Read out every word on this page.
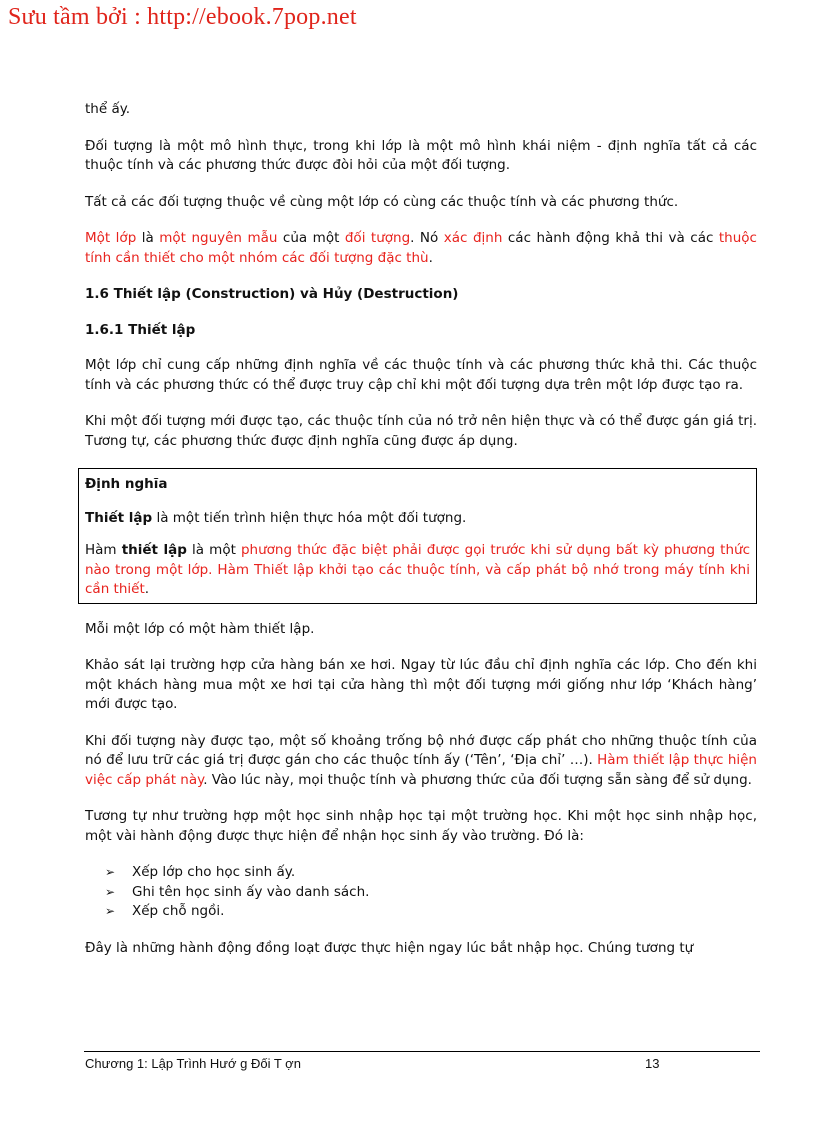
Sưu tầm bởi : http://ebook.7pop.net

thể ấy.

Đối tượng là một mô hình thực, trong khi lớp là một mô hình khái niệm - định nghĩa tất cả các thuộc tính và các phương thức được đòi hỏi của một đối tượng.

Tất cả các đối tượng thuộc về cùng một lớp có cùng các thuộc tính và các phương thức.

Một lớp là một nguyên mẫu của một đối tượng. Nó xác định các hành động khả thi và các thuộc tính cần thiết cho một nhóm các đối tượng đặc thù.

1.6 Thiết lập (Construction) và Hủy (Destruction)
1.6.1 Thiết lập

Một lớp chỉ cung cấp những định nghĩa về các thuộc tính và các phương thức khả thi. Các thuộc tính và các phương thức có thể được truy cập chỉ khi một đối tượng dựa trên một lớp được tạo ra.

Khi một đối tượng mới được tạo, các thuộc tính của nó trở nên hiện thực và có thể được gán giá trị. Tương tự, các phương thức được định nghĩa cũng được áp dụng.

Định nghĩa

Thiết lập là một tiến trình hiện thực hóa một đối tượng.

Hàm thiết lập là một phương thức đặc biệt phải được gọi trước khi sử dụng bất kỳ phương thức nào trong một lớp. Hàm Thiết lập khởi tạo các thuộc tính, và cấp phát bộ nhớ trong máy tính khi cần thiết.

Mỗi một lớp có một hàm thiết lập.

Khảo sát lại trường hợp cửa hàng bán xe hơi. Ngay từ lúc đầu chỉ định nghĩa các lớp. Cho đến khi một khách hàng mua một xe hơi tại cửa hàng thì một đối tượng mới giống như lớp ‘Khách hàng’ mới được tạo.

Khi đối tượng này được tạo, một số khoảng trống bộ nhớ được cấp phát cho những thuộc tính của nó để lưu trữ các giá trị được gán cho các thuộc tính ấy (‘Tên’, ‘Địa chỉ’ …). Hàm thiết lập thực hiện việc cấp phát này. Vào lúc này, mọi thuộc tính và phương thức của đối tượng sẵn sàng để sử dụng.

Tương tự như trường hợp một học sinh nhập học tại một trường học. Khi một học sinh nhập học, một vài hành động được thực hiện để nhận học sinh ấy vào trường. Đó là:

➢ Xếp lớp cho học sinh ấy.
➢ Ghi tên học sinh ấy vào danh sách.
➢ Xếp chỗ ngồi.

Đây là những hành động đồng loạt được thực hiện ngay lúc bắt nhập học. Chúng tương tự

Chương 1: Lập Trình Hướ g Đối T ợn	13
